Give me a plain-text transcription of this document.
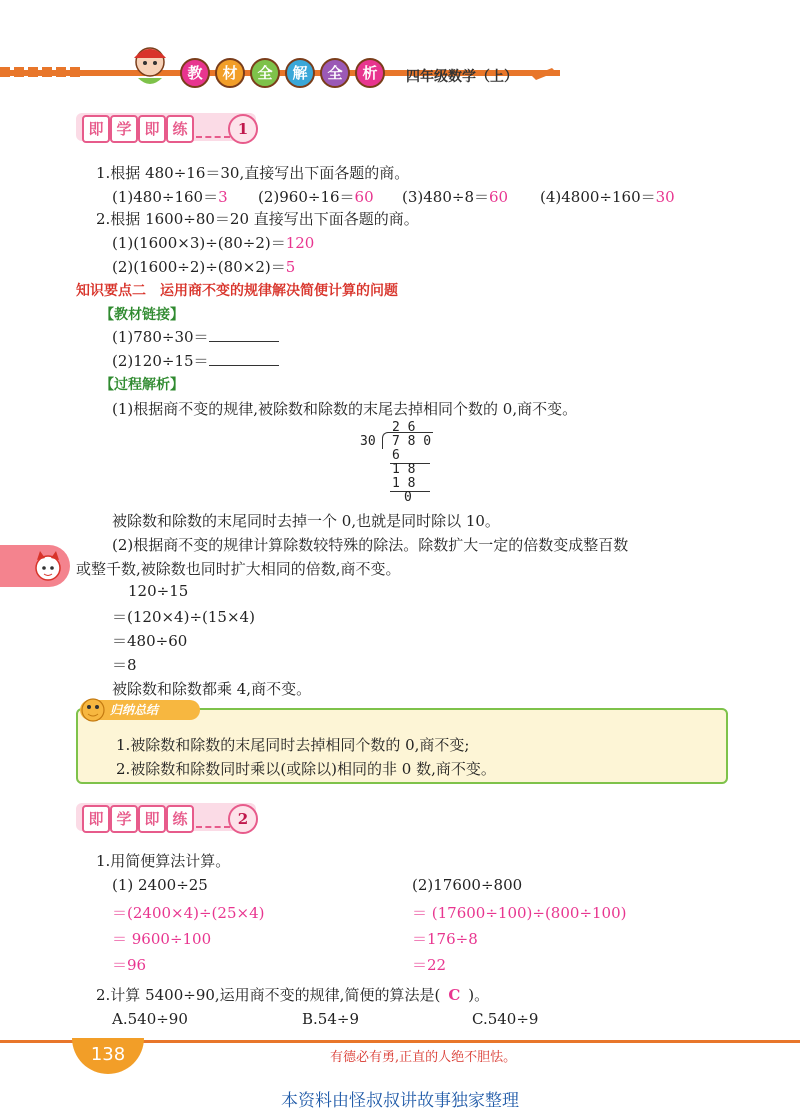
教	材	全	解	全	析	四年级数学（上）
即 学 即 练	1
1.根据 480÷16＝30,直接写出下面各题的商。
(1)480÷160＝3 (2)960÷16＝60 (3)480÷8＝60 (4)4800÷160＝30
2.根据 1600÷80＝20 直接写出下面各题的商。
(1)(1600×3)÷(80÷2)＝120
(2)(1600÷2)÷(80×2)＝5
知识要点二　运用商不变的规律解决简便计算的问题
【教材链接】
(1)780÷30＝
(2)120÷15＝
【过程解析】
(1)根据商不变的规律,被除数和除数的末尾去掉相同个数的 0,商不变。
2 6
30 7 8 0
6
1 8
1 8
0
被除数和除数的末尾同时去掉一个 0,也就是同时除以 10。
(2)根据商不变的规律计算除数较特殊的除法。除数扩大一定的倍数变成整百数
或整千数,被除数也同时扩大相同的倍数,商不变。
120÷15
＝(120×4)÷(15×4)
＝480÷60
＝8
被除数和除数都乘 4,商不变。
归纳总结
1.被除数和除数的末尾同时去掉相同个数的 0,商不变;
2.被除数和除数同时乘以(或除以)相同的非 0 数,商不变。
即 学 即 练	2
1.用简便算法计算。
(1) 2400÷25
＝(2400×4)÷(25×4)
＝ 9600÷100
＝96
(2)17600÷800
＝ (17600÷100)÷(800÷100)
＝176÷8
＝22
2.计算 5400÷90,运用商不变的规律,简便的算法是( C )。
A.540÷90	B.54÷9	C.540÷9
138	有德必有勇,正直的人绝不胆怯。
本资料由怪叔叔讲故事独家整理
